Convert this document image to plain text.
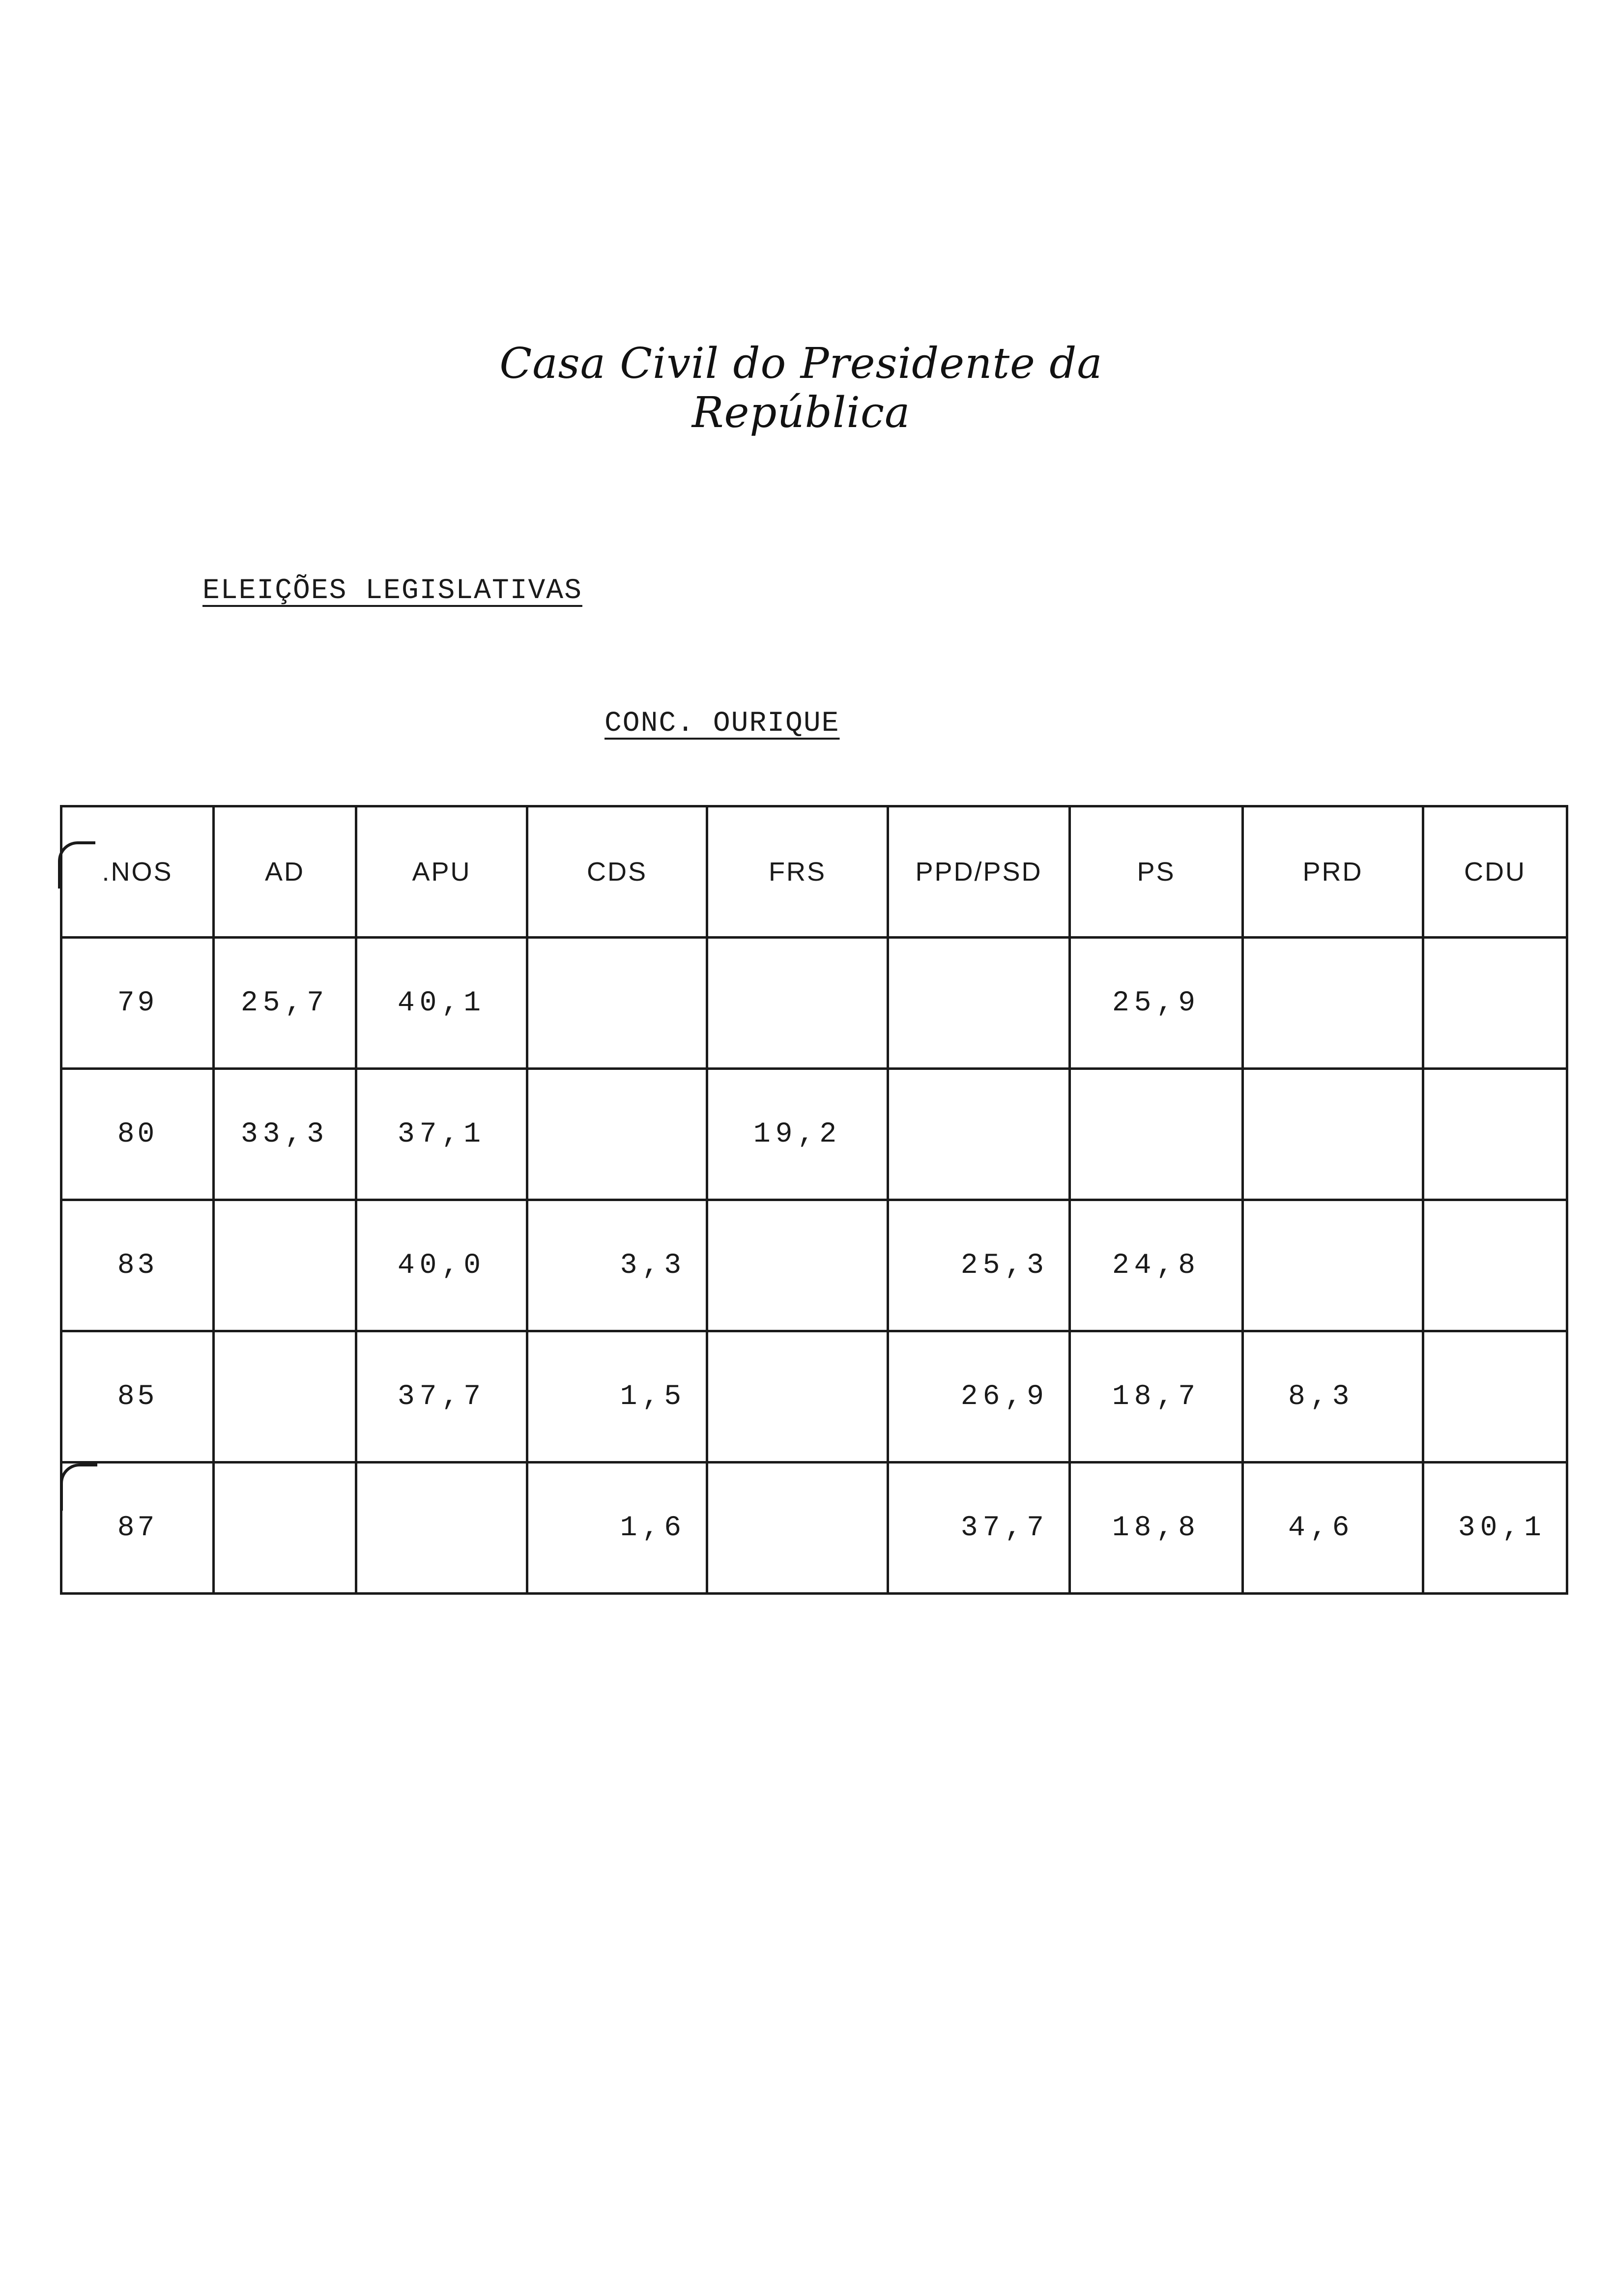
Casa Civil do Presidente da República
ELEIÇÕES LEGISLATIVAS
CONC. OURIQUE
.NOS	AD	APU	CDS	FRS	PPD/PSD	PS	PRD	CDU
79	25,7	40,1				25,9		
80	33,3	37,1		19,2				
83		40,0	3,3		25,3	24,8		
85		37,7	1,5		26,9	18,7	8,3	
87			1,6		37,7	18,8	4,6	30,1
